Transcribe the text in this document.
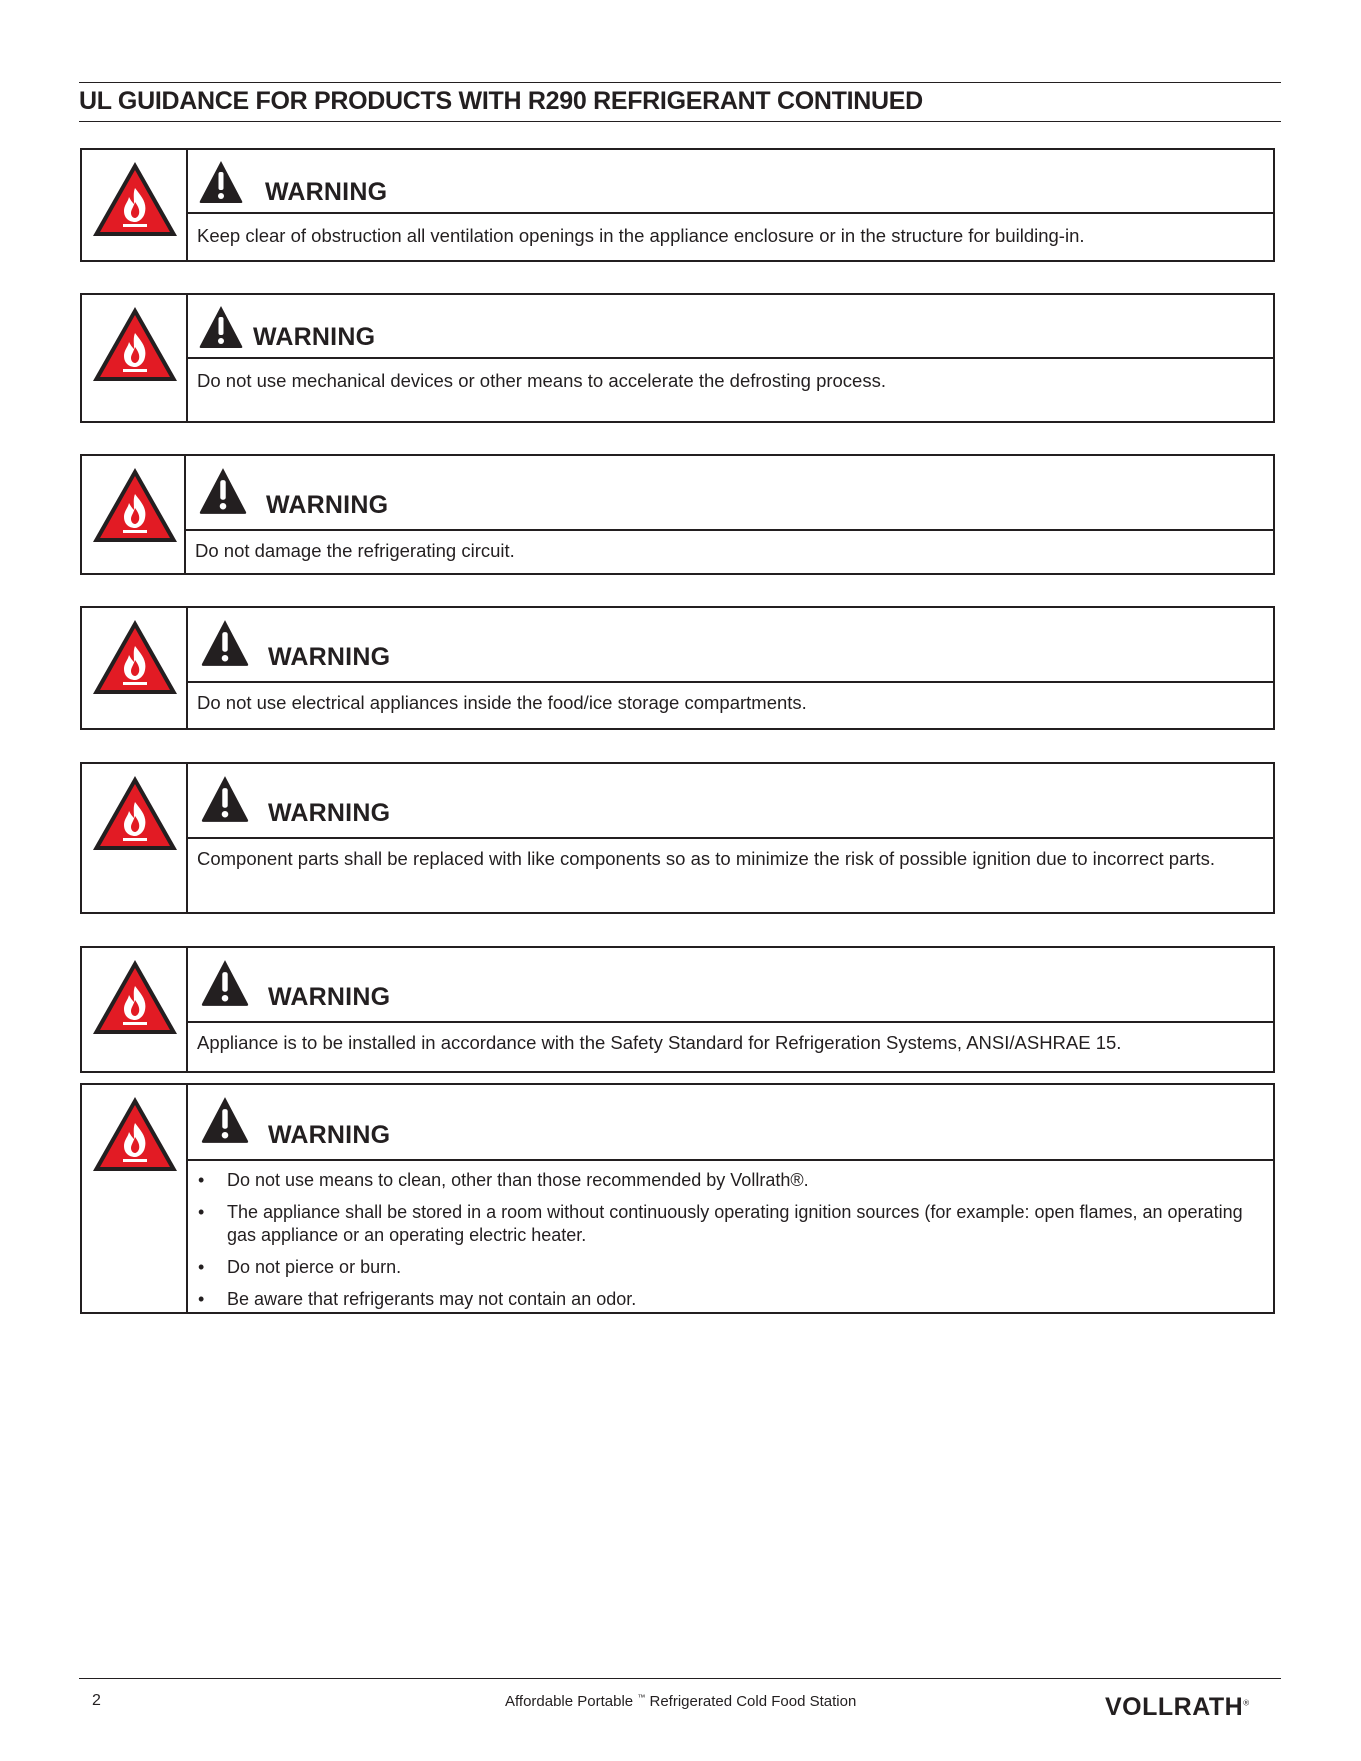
UL GUIDANCE FOR PRODUCTS WITH R290 REFRIGERANT CONTINUED
WARNING
Keep clear of obstruction all ventilation openings in the appliance enclosure or in the structure for building-in.
WARNING
Do not use mechanical devices or other means to accelerate the defrosting process.
WARNING
Do not damage the refrigerating circuit.
WARNING
Do not use electrical appliances inside the food/ice storage compartments.
WARNING
Component parts shall be replaced with like components so as to minimize the risk of possible ignition due to incorrect parts.
WARNING
Appliance is to be installed in accordance with the Safety Standard for Refrigeration Systems, ANSI/ASHRAE 15.
WARNING
• Do not use means to clean, other than those recommended by Vollrath®.
• The appliance shall be stored in a room without continuously operating ignition sources (for example: open flames, an operating gas appliance or an operating electric heater.
• Do not pierce or burn.
• Be aware that refrigerants may not contain an odor.
2	Affordable Portable ™ Refrigerated Cold Food Station	VOLLRATH®
